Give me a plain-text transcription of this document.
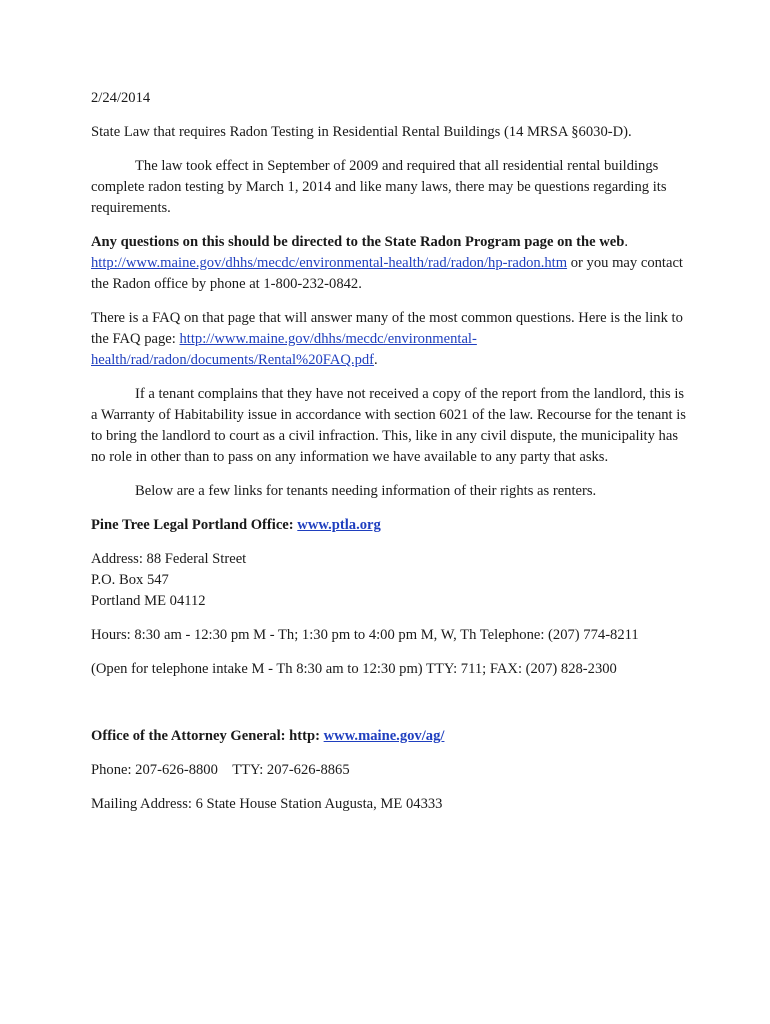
2/24/2014

State Law that requires Radon Testing in Residential Rental Buildings (14 MRSA §6030-D).

The law took effect in September of 2009 and required that all residential rental buildings complete radon testing by March 1, 2014 and like many laws, there may be questions regarding its requirements.

Any questions on this should be directed to the State Radon Program page on the web. http://www.maine.gov/dhhs/mecdc/environmental-health/rad/radon/hp-radon.htm or you may contact the Radon office by phone at 1-800-232-0842.

There is a FAQ on that page that will answer many of the most common questions. Here is the link to the FAQ page: http://www.maine.gov/dhhs/mecdc/environmental-
health/rad/radon/documents/Rental%20FAQ.pdf.

If a tenant complains that they have not received a copy of the report from the landlord, this is a Warranty of Habitability issue in accordance with section 6021 of the law. Recourse for the tenant is to bring the landlord to court as a civil infraction. This, like in any civil dispute, the municipality has no role in other than to pass on any information we have available to any party that asks.

Below are a few links for tenants needing information of their rights as renters.

Pine Tree Legal Portland Office: www.ptla.org

Address: 88 Federal Street

P.O. Box 547

Portland ME 04112

Hours: 8:30 am - 12:30 pm M - Th; 1:30 pm to 4:00 pm M, W, Th Telephone: (207) 774-8211

(Open for telephone intake M - Th 8:30 am to 12:30 pm) TTY: 711; FAX: (207) 828-2300

Office of the Attorney General: http: www.maine.gov/ag/

Phone: 207-626-8800    TTY: 207-626-8865

Mailing Address: 6 State House Station Augusta, ME 04333
